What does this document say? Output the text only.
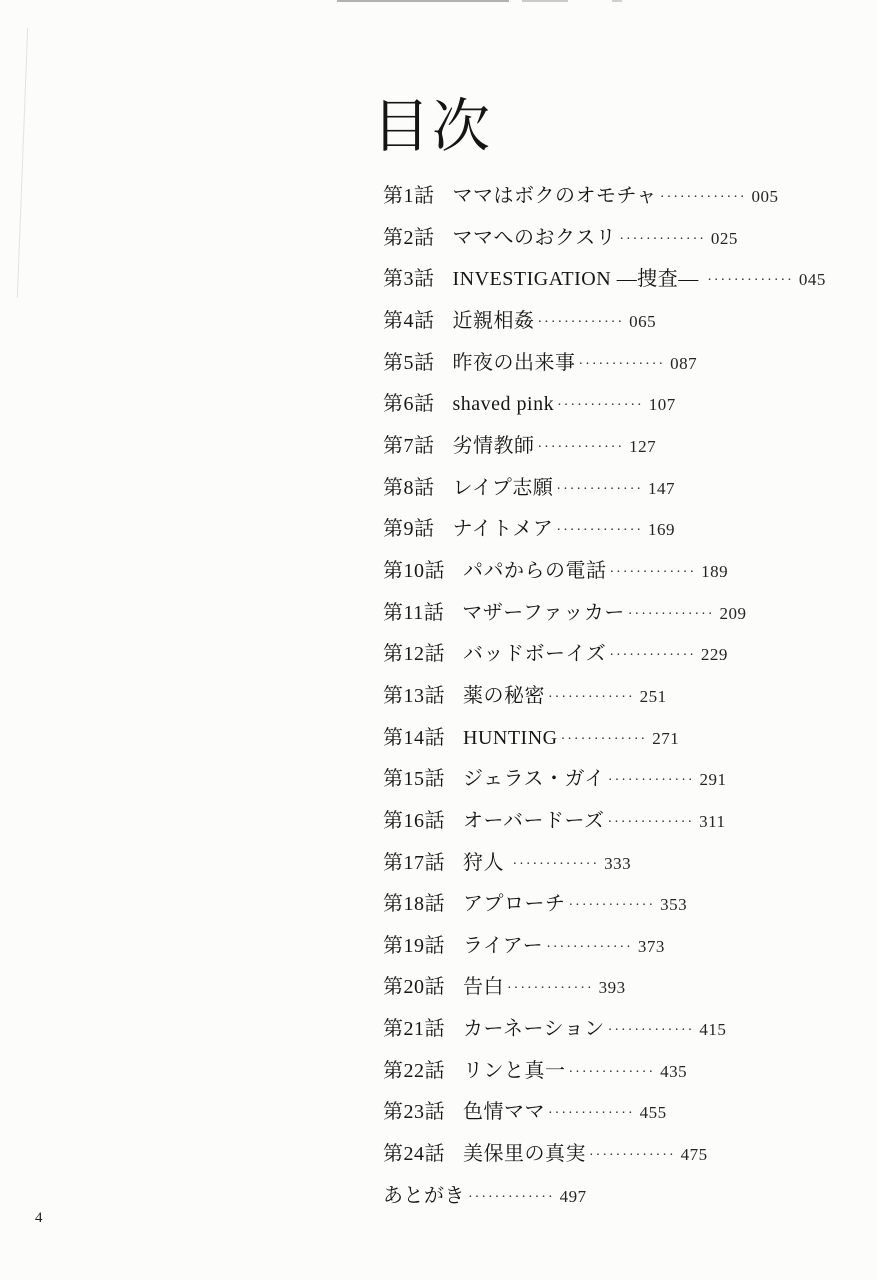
目次
第1話 ママはボクのオモチャ ············· 005
第2話 ママへのおクスリ ············· 025
第3話 INVESTIGATION ―捜査― ············· 045
第4話 近親相姦 ············· 065
第5話 昨夜の出来事 ············· 087
第6話 shaved pink ············· 107
第7話 劣情教師 ············· 127
第8話 レイプ志願 ············· 147
第9話 ナイトメア ············· 169
第10話 パパからの電話 ············· 189
第11話 マザーファッカー ············· 209
第12話 バッドボーイズ ············· 229
第13話 薬の秘密 ············· 251
第14話 HUNTING ············· 271
第15話 ジェラス・ガイ ············· 291
第16話 オーバードーズ ············· 311
第17話 狩人 ············· 333
第18話 アプローチ ············· 353
第19話 ライアー ············· 373
第20話 告白 ············· 393
第21話 カーネーション ············· 415
第22話 リンと真一 ············· 435
第23話 色情ママ ············· 455
第24話 美保里の真実 ············· 475
あとがき ············· 497
4
